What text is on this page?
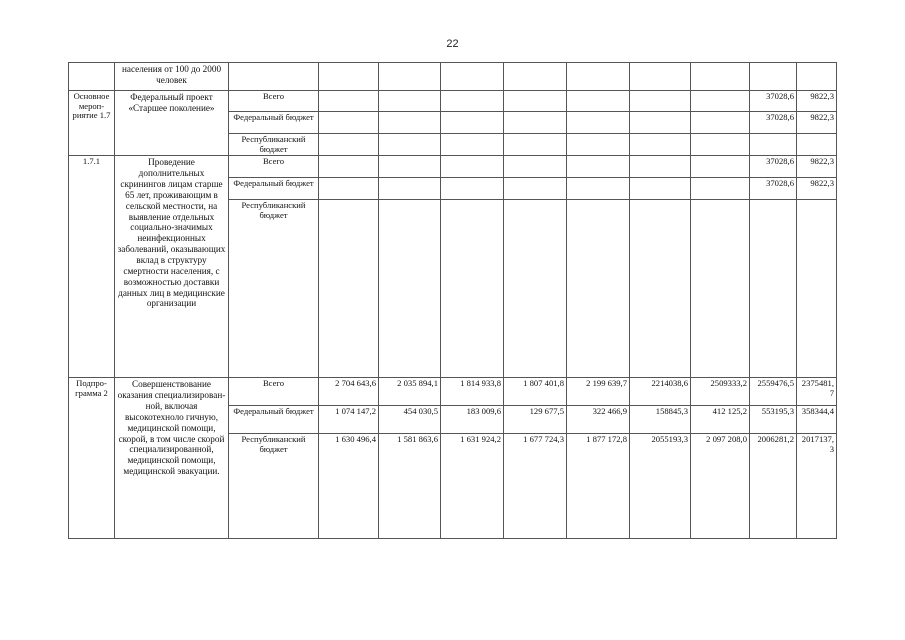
22
	населения от 100 до 2000 человек										
Основное мероприятие 1.7	Федеральный проект «Старшее поколение»	Всего								37028,6	9822,3
		Федеральный бюджет								37028,6	9822,3
		Республиканский бюджет									
1.7.1	Проведение дополнительных скринингов лицам старше 65 лет, проживающим в сельской местности, на выявление отдельных социально-значимых неинфекционных заболеваний, оказывающих вклад в структуру смертности населения, с возможностью доставки данных лиц в медицинские организации	Всего								37028,6	9822,3
		Федеральный бюджет								37028,6	9822,3
		Республиканский бюджет									
Подпрограмма 2	Совершенствование оказания специализирован-ной, включая высокотехноло гичную, медицинской помощи, скорой, в том числе скорой специализированной, медицинской помощи, медицинской эвакуации.	Всего	2 704 643,6	2 035 894,1	1 814 933,8	1 807 401,8	2 199 639,7	2214038,6	2509333,2	2559476,5	2375481,7
		Федеральный бюджет	1 074 147,2	454 030,5	183 009,6	129 677,5	322 466,9	158845,3	412 125,2	553195,3	358344,4
		Республиканский бюджет	1 630 496,4	1 581 863,6	1 631 924,2	1 677 724,3	1 877 172,8	2055193,3	2 097 208,0	2006281,2	2017137,3
